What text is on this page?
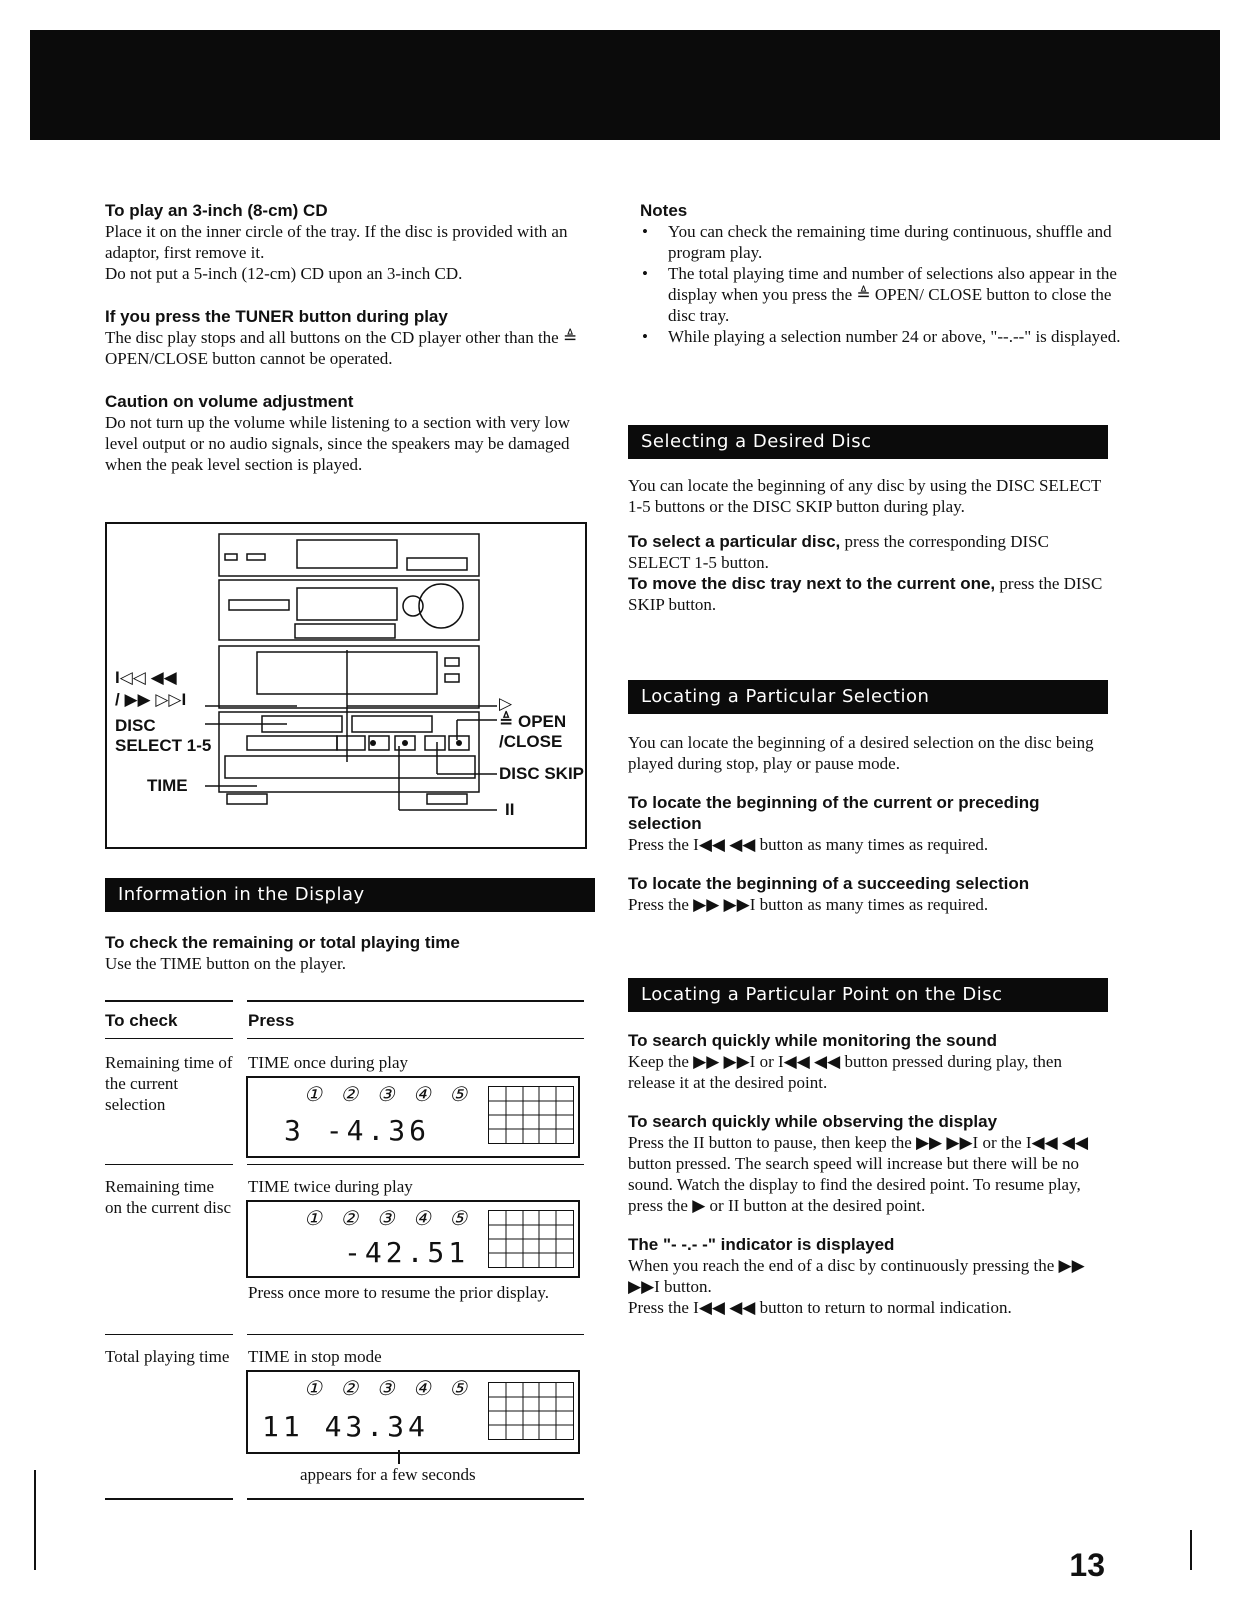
To play an 3-inch (8-cm) CD

Place it on the inner circle of the tray. If the disc is provided with an adaptor, first remove it.

Do not put a 5-inch (12-cm) CD upon an 3-inch CD.

If you press the TUNER button during play

The disc play stops and all buttons on the CD player other than the ≜ OPEN/CLOSE button cannot be operated.

Caution on volume adjustment

Do not turn up the volume while listening to a section with very low level output or no audio signals, since the speakers may be damaged when the peak level section is played.

I◁◁ ◀◀
/ ▶▶ ▷▷I
DISC
SELECT 1-5
TIME
▷
≜ OPEN
/CLOSE
DISC SKIP
II
Information in the Display
To check the remaining or total playing time

Use the TIME button on the player.

To check	Press
Remaining time of the current selection
TIME once during play
① ② ③ ④ ⑤
3 -4.36
Remaining time on the current disc
TIME twice during play
① ② ③ ④ ⑤
-42.51
Press once more to resume the prior display.
Total playing time	TIME in stop mode
① ② ③ ④ ⑤
11 43.34
appears for a few seconds
Notes
• You can check the remaining time during continuous, shuffle and program play.
• The total playing time and number of selections also appear in the display when you press the ≜ OPEN/ CLOSE button to close the disc tray.
• While playing a selection number 24 or above, "--.--" is displayed.
Selecting a Desired Disc

You can locate the beginning of any disc by using the DISC SELECT 1-5 buttons or the DISC SKIP button during play.

To select a particular disc, press the corresponding DISC SELECT 1-5 button.

To move the disc tray next to the current one, press the DISC SKIP button.

Locating a Particular Selection

You can locate the beginning of a desired selection on the disc being played during stop, play or pause mode.

To locate the beginning of the current or preceding selection

Press the I◀◀ ◀◀ button as many times as required.

To locate the beginning of a succeeding selection

Press the ▶▶ ▶▶I button as many times as required.

Locating a Particular Point on the Disc
To search quickly while monitoring the sound

Keep the ▶▶ ▶▶I or I◀◀ ◀◀ button pressed during play, then release it at the desired point.

To search quickly while observing the display

Press the II button to pause, then keep the ▶▶ ▶▶I or the I◀◀ ◀◀ button pressed. The search speed will increase but there will be no sound. Watch the display to find the desired point. To resume play, press the ▶ or II button at the desired point.

The "- -.- -" indicator is displayed

When you reach the end of a disc by continuously pressing the ▶▶ ▶▶I button.

Press the I◀◀ ◀◀ button to return to normal indication.

13
